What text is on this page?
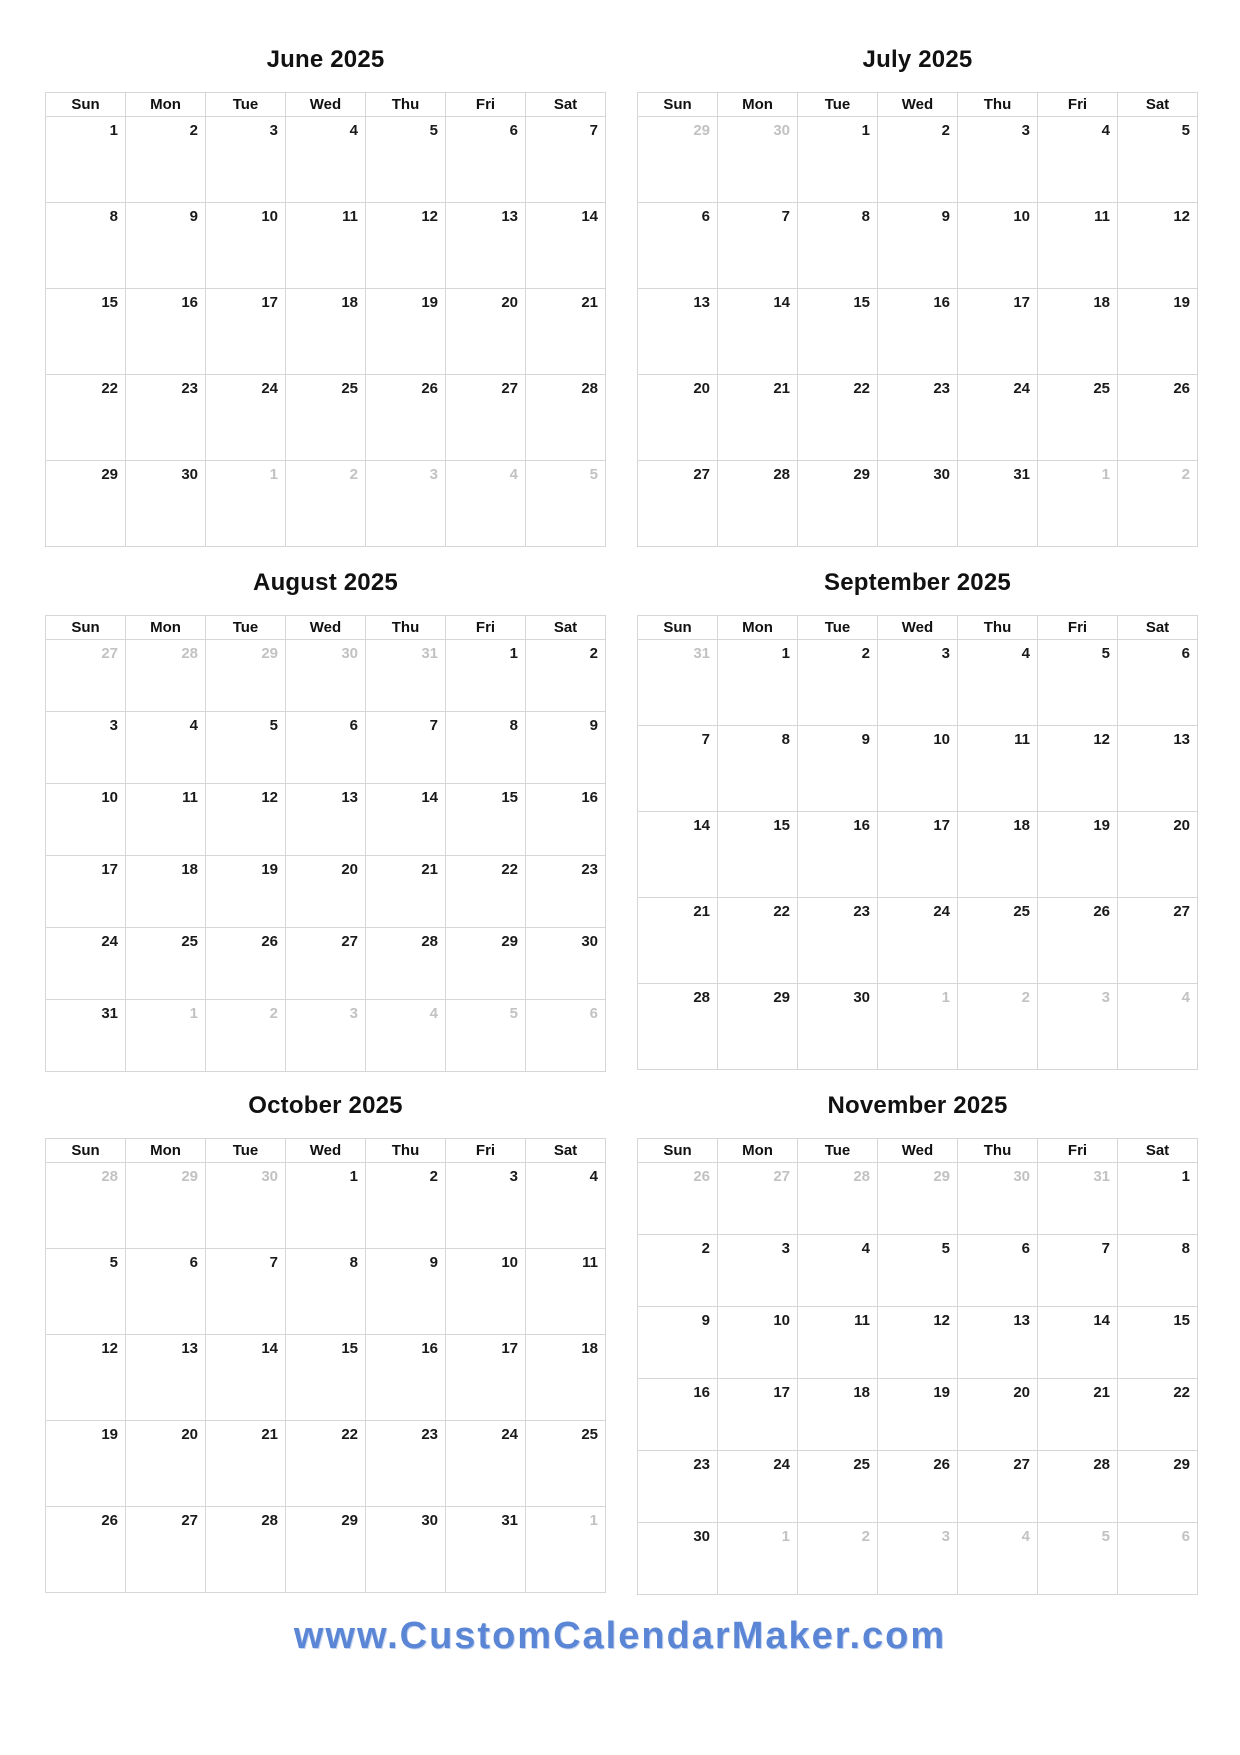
June 2025
Sun	Mon	Tue	Wed	Thu	Fri	Sat
1	2	3	4	5	6	7
8	9	10	11	12	13	14
15	16	17	18	19	20	21
22	23	24	25	26	27	28
29	30	1	2	3	4	5
July 2025
Sun	Mon	Tue	Wed	Thu	Fri	Sat
29	30	1	2	3	4	5
6	7	8	9	10	11	12
13	14	15	16	17	18	19
20	21	22	23	24	25	26
27	28	29	30	31	1	2
August 2025
Sun	Mon	Tue	Wed	Thu	Fri	Sat
27	28	29	30	31	1	2
3	4	5	6	7	8	9
10	11	12	13	14	15	16
17	18	19	20	21	22	23
24	25	26	27	28	29	30
31	1	2	3	4	5	6
September 2025
Sun	Mon	Tue	Wed	Thu	Fri	Sat
31	1	2	3	4	5	6
7	8	9	10	11	12	13
14	15	16	17	18	19	20
21	22	23	24	25	26	27
28	29	30	1	2	3	4
October 2025
Sun	Mon	Tue	Wed	Thu	Fri	Sat
28	29	30	1	2	3	4
5	6	7	8	9	10	11
12	13	14	15	16	17	18
19	20	21	22	23	24	25
26	27	28	29	30	31	1
November 2025
Sun	Mon	Tue	Wed	Thu	Fri	Sat
26	27	28	29	30	31	1
2	3	4	5	6	7	8
9	10	11	12	13	14	15
16	17	18	19	20	21	22
23	24	25	26	27	28	29
30	1	2	3	4	5	6
www.CustomCalendarMaker.com
